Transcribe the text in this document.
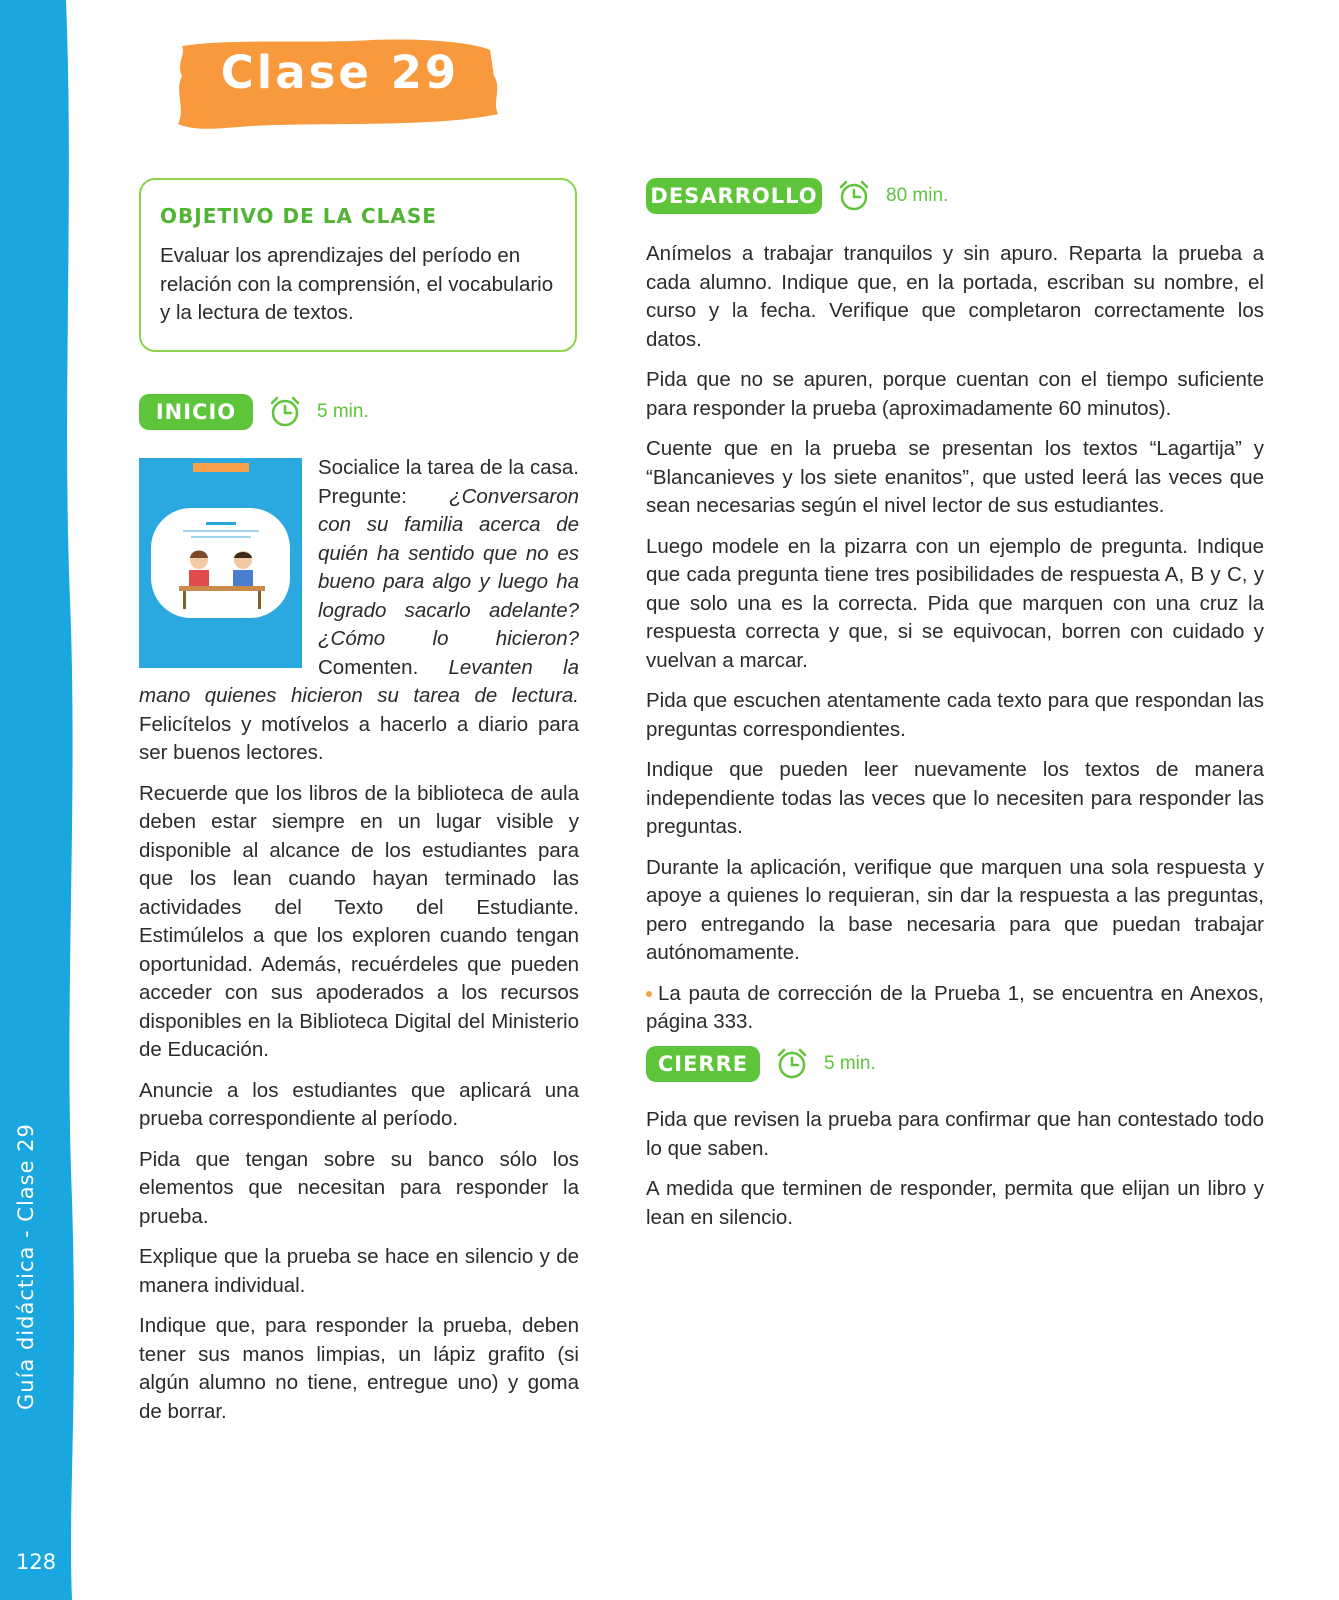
Guía didáctica - Clase 29
128
Clase 29
OBJETIVO DE LA CLASE
Evaluar los aprendizajes del período en relación con la comprensión, el vocabulario y la lectura de textos.
INICIO	5 min.

Socialice la tarea de la casa. Pregunte: ¿Conversaron con su familia acerca de quién ha sentido que no es bueno para algo y luego ha logrado sacarlo adelante? ¿Cómo lo hicieron? Comenten. Levanten la mano quienes hicieron su tarea de lectura. Felicítelos y motívelos a hacerlo a diario para ser buenos lectores.

Recuerde que los libros de la biblioteca de aula deben estar siempre en un lugar visible y disponible al alcance de los estudiantes para que los lean cuando hayan terminado las actividades del Texto del Estudiante. Estimúlelos a que los exploren cuando tengan oportunidad. Además, recuérdeles que pueden acceder con sus apoderados a los recursos disponibles en la Biblioteca Digital del Ministerio de Educación.

Anuncie a los estudiantes que aplicará una prueba correspondiente al período.

Pida que tengan sobre su banco sólo los elementos que necesitan para responder la prueba.

Explique que la prueba se hace en silencio y de manera individual.

Indique que, para responder la prueba, deben tener sus manos limpias, un lápiz grafito (si algún alumno no tiene, entregue uno) y goma de borrar.

DESARROLLO	80 min.

Anímelos a trabajar tranquilos y sin apuro. Reparta la prueba a cada alumno. Indique que, en la portada, escriban su nombre, el curso y la fecha. Verifique que completaron correctamente los datos.

Pida que no se apuren, porque cuentan con el tiempo suficiente para responder la prueba (aproximadamente 60 minutos).

Cuente que en la prueba se presentan los textos “Lagartija” y “Blancanieves y los siete enanitos”, que usted leerá las veces que sean necesarias según el nivel lector de sus estudiantes.

Luego modele en la pizarra con un ejemplo de pregunta. Indique que cada pregunta tiene tres posibilidades de respuesta A, B y C, y que solo una es la correcta. Pida que marquen con una cruz la respuesta correcta y que, si se equivocan, borren con cuidado y vuelvan a marcar.

Pida que escuchen atentamente cada texto para que respondan las preguntas correspondientes.

Indique que pueden leer nuevamente los textos de manera independiente todas las veces que lo necesiten para responder las preguntas.

Durante la aplicación, verifique que marquen una sola respuesta y apoye a quienes lo requieran, sin dar la respuesta a las preguntas, pero entregando la base necesaria para que puedan trabajar autónomamente.

La pauta de corrección de la Prueba 1, se encuentra en Anexos, página 333.

CIERRE	5 min.

Pida que revisen la prueba para confirmar que han contestado todo lo que saben.

A medida que terminen de responder, permita que elijan un libro y lean en silencio.
